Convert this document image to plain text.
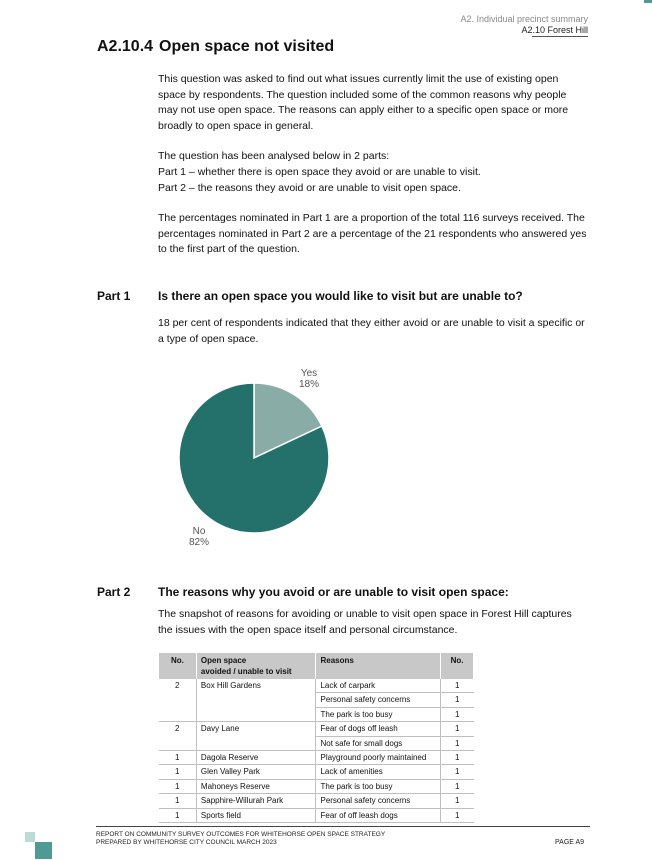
A2. Individual precinct summary
A2.10 Forest Hill
A2.10.4 Open space not visited

This question was asked to find out what issues currently limit the use of existing open space by respondents. The question included some of the common reasons why people may not use open space. The reasons can apply either to a specific open space or more broadly to open space in general.

The question has been analysed below in 2 parts:

Part 1 – whether there is open space they avoid or are unable to visit.

Part 2 – the reasons they avoid or are unable to visit open space.

The percentages nominated in Part 1 are a proportion of the total 116 surveys received. The percentages nominated in Part 2 are a percentage of the 21 respondents who answered yes to the first part of the question.

Part 1 Is there an open space you would like to visit but are unable to?

18 per cent of respondents indicated that they either avoid or are unable to visit a specific or a type of open space.

Yes
18%
No
82%
Part 2 The reasons why you avoid or are unable to visit open space:

The snapshot of reasons for avoiding or unable to visit open space in Forest Hill captures the issues with the open space itself and personal circumstance.

No.	Open space
avoided / unable to visit	Reasons	No.
2	Box Hill Gardens	Lack of carpark	1
		Personal safety concerns	1
		The park is too busy	1
2	Davy Lane	Fear of dogs off leash	1
		Not safe for small dogs	1
1	Dagola Reserve	Playground poorly maintained	1
1	Glen Valley Park	Lack of amenities	1
1	Mahoneys Reserve	The park is too busy	1
1	Sapphire-Willurah Park	Personal safety concerns	1
1	Sports field	Fear of off leash dogs	1
REPORT ON COMMUNITY SURVEY OUTCOMES FOR WHITEHORSE OPEN SPACE STRATEGY
PREPARED BY WHITEHORSE CITY COUNCIL MARCH 2023	PAGE A9
